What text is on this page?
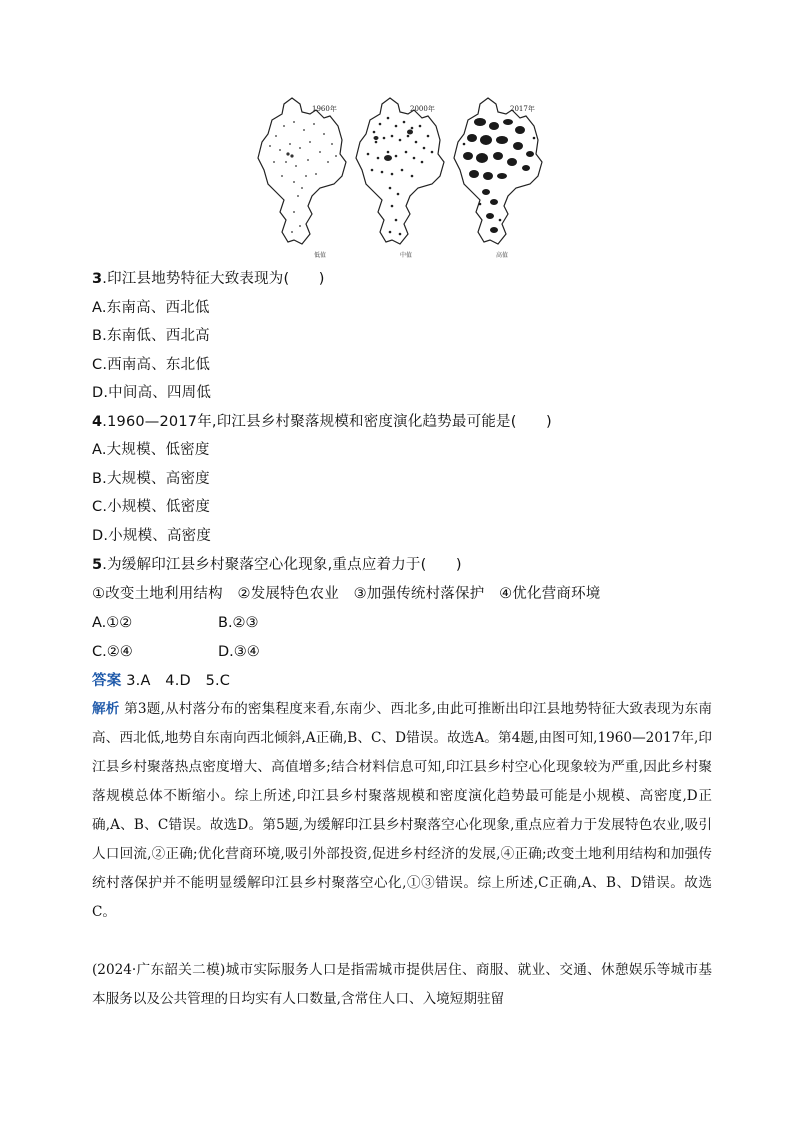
1960年	2000年	2017年
低值	中值	高值
3.印江县地势特征大致表现为(　　)
A.东南高、西北低
B.东南低、西北高
C.西南高、东北低
D.中间高、四周低
4.1960—2017年,印江县乡村聚落规模和密度演化趋势最可能是(　　)
A.大规模、低密度
B.大规模、高密度
C.小规模、低密度
D.小规模、高密度
5.为缓解印江县乡村聚落空心化现象,重点应着力于(　　)
①改变土地利用结构　②发展特色农业　③加强传统村落保护　④优化营商环境
A.①②	B.②③
C.②④	D.③④
答案 3.A　4.D　5.C
解析 第3题,从村落分布的密集程度来看,东南少、西北多,由此可推断出印江县地势特征大致表现为东南高、西北低,地势自东南向西北倾斜,A正确,B、C、D错误。故选A。第4题,由图可知,1960—2017年,印江县乡村聚落热点密度增大、高值增多;结合材料信息可知,印江县乡村空心化现象较为严重,因此乡村聚落规模总体不断缩小。综上所述,印江县乡村聚落规模和密度演化趋势最可能是小规模、高密度,D正确,A、B、C错误。故选D。第5题,为缓解印江县乡村聚落空心化现象,重点应着力于发展特色农业,吸引人口回流,②正确;优化营商环境,吸引外部投资,促进乡村经济的发展,④正确;改变土地利用结构和加强传统村落保护并不能明显缓解印江县乡村聚落空心化,①③错误。综上所述,C正确,A、B、D错误。故选C。
(2024·广东韶关二模)城市实际服务人口是指需城市提供居住、商服、就业、交通、休憩娱乐等城市基本服务以及公共管理的日均实有人口数量,含常住人口、入境短期驻留
